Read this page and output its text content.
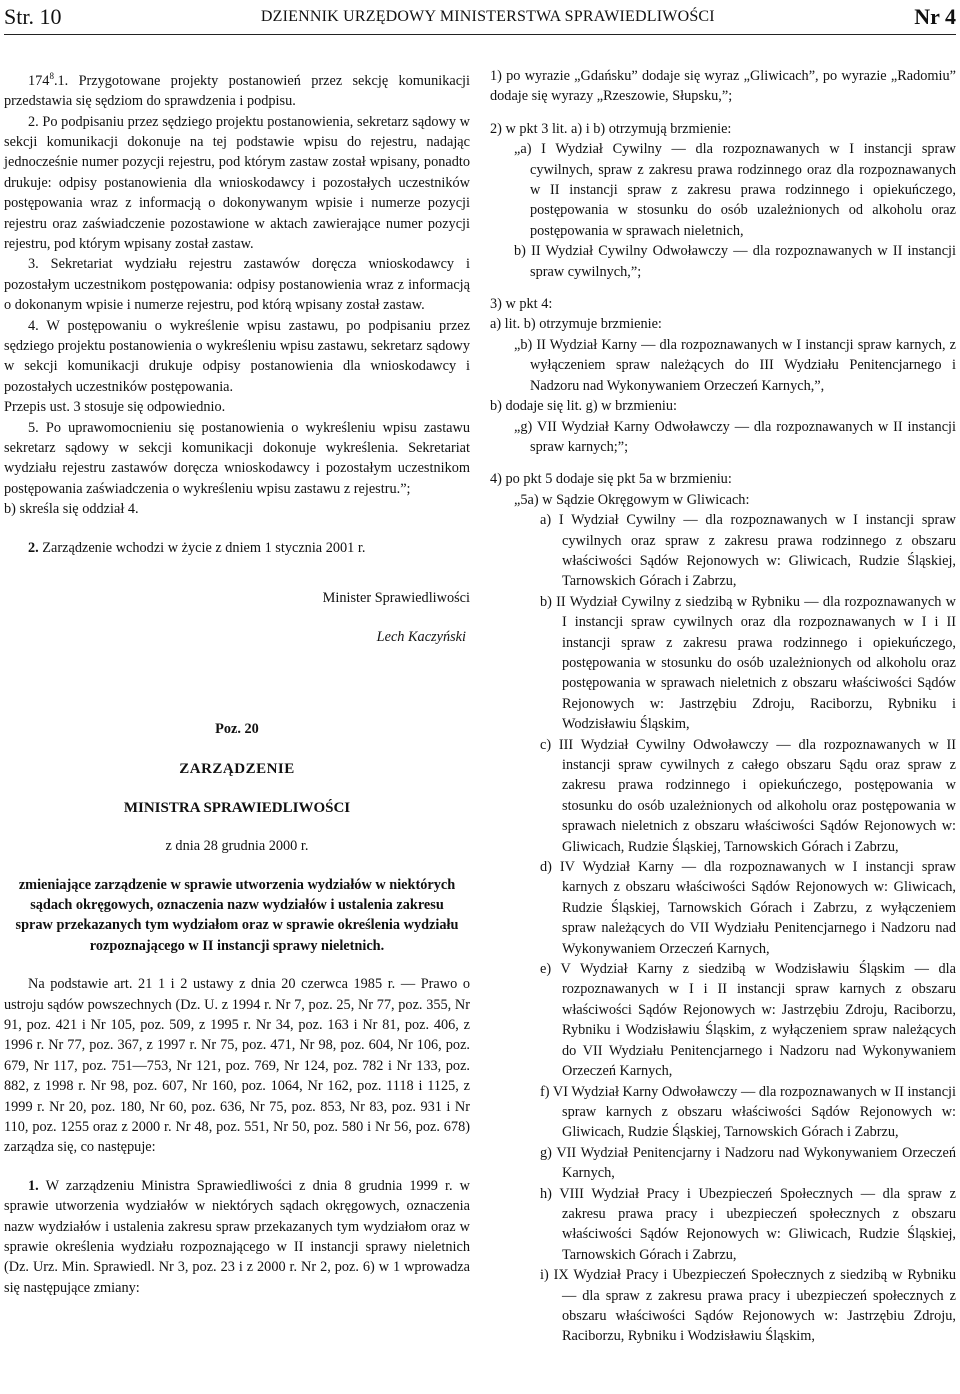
Str. 10	DZIENNIK URZĘDOWY MINISTERSTWA SPRAWIEDLIWOŚCI	Nr 4

$174^8.1$. Przygotowane projekty postanowień przez sekcję komunikacji przedstawia się sędziom do sprawdzenia i podpisu.

2. Po podpisaniu przez sędziego projektu postanowienia, sekretarz sądowy w sekcji komunikacji dokonuje na tej podstawie wpisu do rejestru, nadając jednocześnie numer pozycji rejestru, pod którym zastaw został wpisany, ponadto drukuje: odpisy postanowienia dla wnioskodawcy i pozostałych uczestników postępowania wraz z informacją o dokonywanym wpisie i numerze pozycji rejestru oraz zaświadczenie pozostawione w aktach zawierające numer pozycji rejestru, pod którym wpisany został zastaw.

3. Sekretariat wydziału rejestru zastawów doręcza wnioskodawcy i pozostałym uczestnikom postępowania: odpisy postanowienia wraz z informacją o dokonanym wpisie i numerze rejestru, pod którą wpisany został zastaw.

4. W postępowaniu o wykreślenie wpisu zastawu, po podpisaniu przez sędziego projektu postanowienia o wykreśleniu wpisu zastawu, sekretarz sądowy w sekcji komunikacji drukuje odpisy postanowienia dla wnioskodawcy i pozostałych uczestników postępowania.

Przepis ust. 3 stosuje się odpowiednio.

5. Po uprawomocnieniu się postanowienia o wykreśleniu wpisu zastawu sekretarz sądowy w sekcji komunikacji dokonuje wykreślenia. Sekretariat wydziału rejestru zastawów doręcza wnioskodawcy i pozostałym uczestnikom postępowania zaświadczenia o wykreśleniu wpisu zastawu z rejestru.”;

b) skreśla się oddział 4.

2. Zarządzenie wchodzi w życie z dniem 1 stycznia 2001 r.

Minister Sprawiedliwości

Lech Kaczyński

Poz. 20

ZARZĄDZENIE

MINISTRA SPRAWIEDLIWOŚCI

z dnia 28 grudnia 2000 r.

zmieniające zarządzenie w sprawie utworzenia wydziałów w niektórych sądach okręgowych, oznaczenia nazw wydziałów i ustalenia zakresu spraw przekazanych tym wydziałom oraz w sprawie określenia wydziału rozpoznającego w II instancji sprawy nieletnich.

Na podstawie art. 21 1 i 2 ustawy z dnia 20 czerwca 1985 r. — Prawo o ustroju sądów powszechnych (Dz. U. z 1994 r. Nr 7, poz. 25, Nr 77, poz. 355, Nr 91, poz. 421 i Nr 105, poz. 509, z 1995 r. Nr 34, poz. 163 i Nr 81, poz. 406, z 1996 r. Nr 77, poz. 367, z 1997 r. Nr 75, poz. 471, Nr 98, poz. 604, Nr 106, poz. 679, Nr 117, poz. 751—753, Nr 121, poz. 769, Nr 124, poz. 782 i Nr 133, poz. 882, z 1998 r. Nr 98, poz. 607, Nr 160, poz. 1064, Nr 162, poz. 1118 i 1125, z 1999 r. Nr 20, poz. 180, Nr 60, poz. 636, Nr 75, poz. 853, Nr 83, poz. 931 i Nr 110, poz. 1255 oraz z 2000 r. Nr 48, poz. 551, Nr 50, poz. 580 i Nr 56, poz. 678) zarządza się, co następuje:

1. W zarządzeniu Ministra Sprawiedliwości z dnia 8 grudnia 1999 r. w sprawie utworzenia wydziałów w niektórych sądach okręgowych, oznaczenia nazw wydziałów i ustalenia zakresu spraw przekazanych tym wydziałom oraz w sprawie określenia wydziału rozpoznającego w II instancji sprawy nieletnich (Dz. Urz. Min. Sprawiedl. Nr 3, poz. 23 i z 2000 r. Nr 2, poz. 6) w 1 wprowadza się następujące zmiany:

1) po wyrazie „Gdańsku” dodaje się wyraz „Gliwicach”, po wyrazie „Radomiu” dodaje się wyrazy „Rzeszowie, Słupsku,”;

2) w pkt 3 lit. a) i b) otrzymują brzmienie:

„a) I Wydział Cywilny — dla rozpoznawanych w I instancji spraw cywilnych, spraw z zakresu prawa rodzinnego oraz dla rozpoznawanych w II instancji spraw z zakresu prawa rodzinnego i opiekuńczego, postępowania w stosunku do osób uzależnionych od alkoholu oraz postępowania w sprawach nieletnich,

b) II Wydział Cywilny Odwoławczy — dla rozpoznawanych w II instancji spraw cywilnych,”;

3) w pkt 4:

a) lit. b) otrzymuje brzmienie:

„b) II Wydział Karny — dla rozpoznawanych w I instancji spraw karnych, z wyłączeniem spraw należących do III Wydziału Penitencjarnego i Nadzoru nad Wykonywaniem Orzeczeń Karnych,”,

b) dodaje się lit. g) w brzmieniu:

„g) VII Wydział Karny Odwoławczy — dla rozpoznawanych w II instancji spraw karnych;”;

4) po pkt 5 dodaje się pkt 5a w brzmieniu:

„5a) w Sądzie Okręgowym w Gliwicach:

a) I Wydział Cywilny — dla rozpoznawanych w I instancji spraw cywilnych oraz spraw z zakresu prawa rodzinnego z obszaru właściwości Sądów Rejonowych w: Gliwicach, Rudzie Śląskiej, Tarnowskich Górach i Zabrzu,

b) II Wydział Cywilny z siedzibą w Rybniku — dla rozpoznawanych w I instancji spraw cywilnych oraz dla rozpoznawanych w I i II instancji spraw z zakresu prawa rodzinnego i opiekuńczego, postępowania w stosunku do osób uzależnionych od alkoholu oraz postępowania w sprawach nieletnich z obszaru właściwości Sądów Rejonowych w: Jastrzębiu Zdroju, Raciborzu, Rybniku i Wodzisławiu Śląskim,

c) III Wydział Cywilny Odwoławczy — dla rozpoznawanych w II instancji spraw cywilnych z całego obszaru Sądu oraz spraw z zakresu prawa rodzinnego i opiekuńczego, postępowania w stosunku do osób uzależnionych od alkoholu oraz postępowania w sprawach nieletnich z obszaru właściwości Sądów Rejonowych w: Gliwicach, Rudzie Śląskiej, Tarnowskich Górach i Zabrzu,

d) IV Wydział Karny — dla rozpoznawanych w I instancji spraw karnych z obszaru właściwości Sądów Rejonowych w: Gliwicach, Rudzie Śląskiej, Tarnowskich Górach i Zabrzu, z wyłączeniem spraw należących do VII Wydziału Penitencjarnego i Nadzoru nad Wykonywaniem Orzeczeń Karnych,

e) V Wydział Karny z siedzibą w Wodzisławiu Śląskim — dla rozpoznawanych w I i II instancji spraw karnych z obszaru właściwości Sądów Rejonowych w: Jastrzębiu Zdroju, Raciborzu, Rybniku i Wodzisławiu Śląskim, z wyłączeniem spraw należących do VII Wydziału Penitencjarnego i Nadzoru nad Wykonywaniem Orzeczeń Karnych,

f) VI Wydział Karny Odwoławczy — dla rozpoznawanych w II instancji spraw karnych z obszaru właściwości Sądów Rejonowych w: Gliwicach, Rudzie Śląskiej, Tarnowskich Górach i Zabrzu,

g) VII Wydział Penitencjarny i Nadzoru nad Wykonywaniem Orzeczeń Karnych,

h) VIII Wydział Pracy i Ubezpieczeń Społecznych — dla spraw z zakresu prawa pracy i ubezpieczeń społecznych z obszaru właściwości Sądów Rejonowych w: Gliwicach, Rudzie Śląskiej, Tarnowskich Górach i Zabrzu,

i) IX Wydział Pracy i Ubezpieczeń Społecznych z siedzibą w Rybniku — dla spraw z zakresu prawa pracy i ubezpieczeń społecznych z obszaru właściwości Sądów Rejonowych w: Jastrzębiu Zdroju, Raciborzu, Rybniku i Wodzisławiu Śląskim,
